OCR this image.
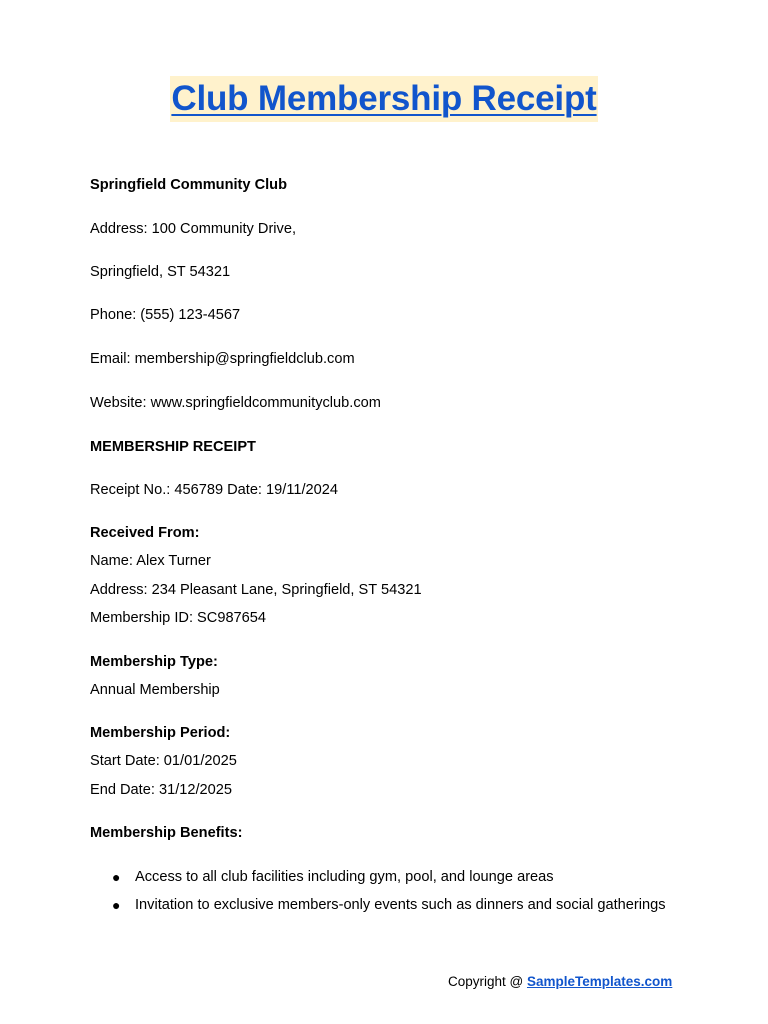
Club Membership Receipt
Springfield Community Club
Address: 100 Community Drive,
Springfield, ST 54321
Phone: (555) 123-4567
Email: membership@springfieldclub.com
Website: www.springfieldcommunityclub.com
MEMBERSHIP RECEIPT
Receipt No.: 456789 Date: 19/11/2024
Received From:
Name: Alex Turner
Address: 234 Pleasant Lane, Springfield, ST 54321
Membership ID: SC987654
Membership Type:
Annual Membership
Membership Period:
Start Date: 01/01/2025
End Date: 31/12/2025
Membership Benefits:
● Access to all club facilities including gym, pool, and lounge areas
● Invitation to exclusive members-only events such as dinners and social gatherings
Copyright @ SampleTemplates.com
